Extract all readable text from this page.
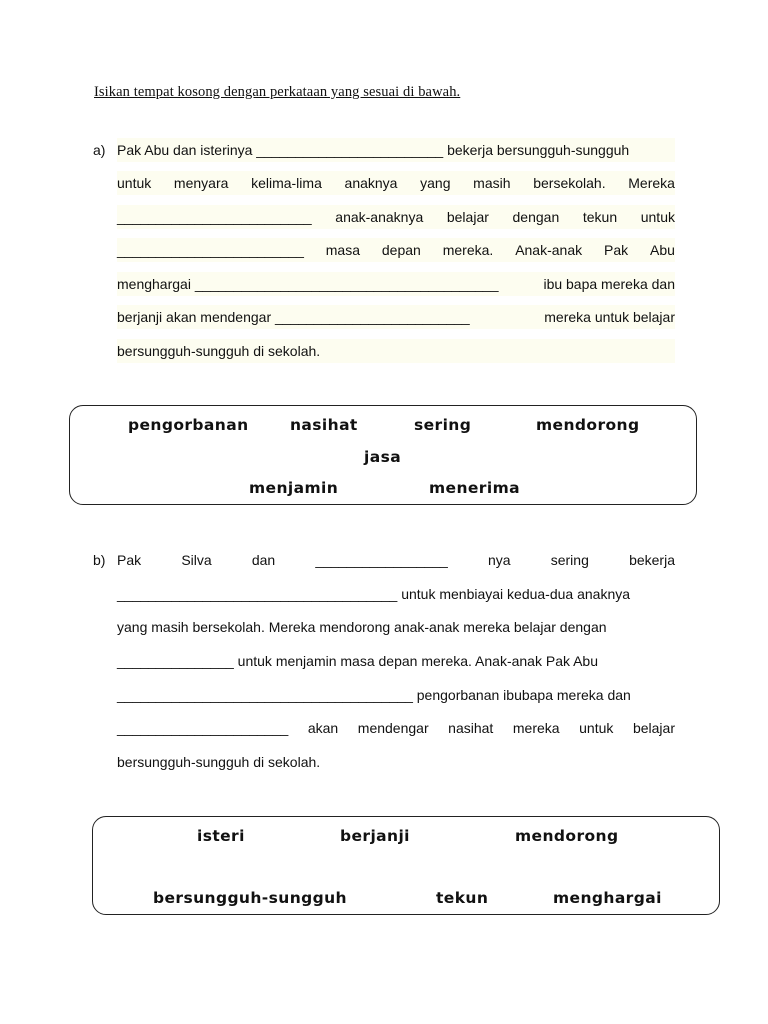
Isikan tempat kosong dengan perkataan yang sesuai di bawah.
a) Pak Abu dan isterinya ________________________ bekerja bersungguh-sungguh
untuk menyara kelima-lima anaknya yang masih bersekolah. Mereka
_________________________ anak-anaknya belajar dengan tekun untuk
________________________ masa depan mereka. Anak-anak Pak Abu
menghargai _______________________________________	ibu bapa mereka dan
berjanji akan mendengar _________________________	mereka untuk belajar
bersungguh-sungguh di sekolah.
pengorbanan	nasihat	sering	mendorong
jasa
menjamin	menerima
b) Pak	Silva	dan	_________________	nya	sering	bekerja
____________________________________ untuk menbiayai kedua-dua anaknya
yang masih bersekolah. Mereka mendorong anak-anak mereka belajar dengan
_______________ untuk menjamin masa depan mereka. Anak-anak Pak Abu
______________________________________ pengorbanan ibubapa mereka dan
______________________ akan mendengar nasihat mereka untuk belajar
bersungguh-sungguh di sekolah.
isteri	berjanji	mendorong
bersungguh-sungguh	tekun	menghargai
